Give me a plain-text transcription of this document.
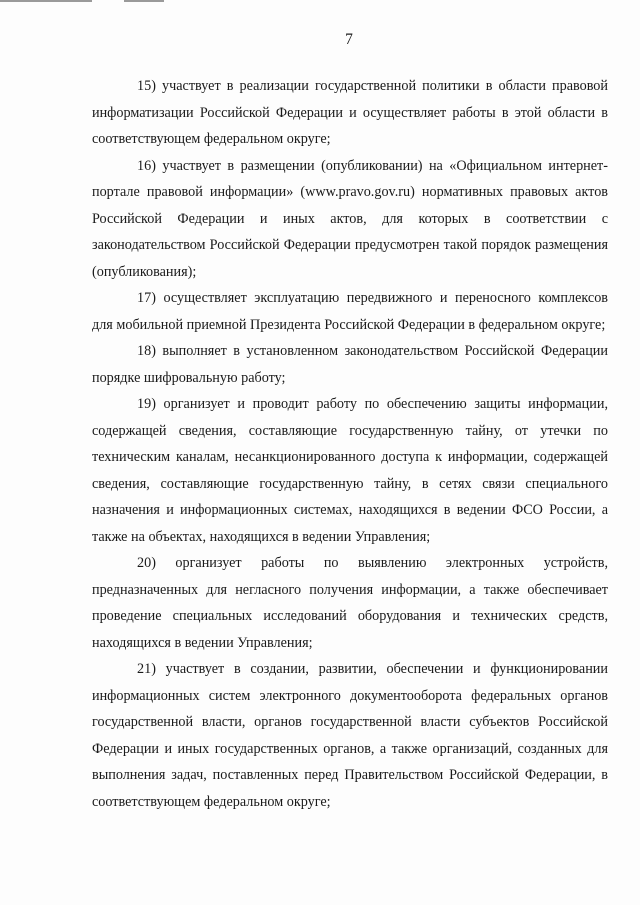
7

15) участвует в реализации государственной политики в области правовой информатизации Российской Федерации и осуществляет работы в этой области в соответствующем федеральном округе;

16) участвует в размещении (опубликовании) на «Официальном интернет-портале правовой информации» (www.pravo.gov.ru) нормативных правовых актов Российской Федерации и иных актов, для которых в соответствии с законодательством Российской Федерации предусмотрен такой порядок размещения (опубликования);

17) осуществляет эксплуатацию передвижного и переносного комплексов для мобильной приемной Президента Российской Федерации в федеральном округе;

18) выполняет в установленном законодательством Российской Федерации порядке шифровальную работу;

19) организует и проводит работу по обеспечению защиты информации, содержащей сведения, составляющие государственную тайну, от утечки по техническим каналам, несанкционированного доступа к информации, содержащей сведения, составляющие государственную тайну, в сетях связи специального назначения и информационных системах, находящихся в ведении ФСО России, а также на объектах, находящихся в ведении Управления;

20) организует работы по выявлению электронных устройств, предназначенных для негласного получения информации, а также обеспечивает проведение специальных исследований оборудования и технических средств, находящихся в ведении Управления;

21) участвует в создании, развитии, обеспечении и функционировании информационных систем электронного документооборота федеральных органов государственной власти, органов государственной власти субъектов Российской Федерации и иных государственных органов, а также организаций, созданных для выполнения задач, поставленных перед Правительством Российской Федерации, в соответствующем федеральном округе;
